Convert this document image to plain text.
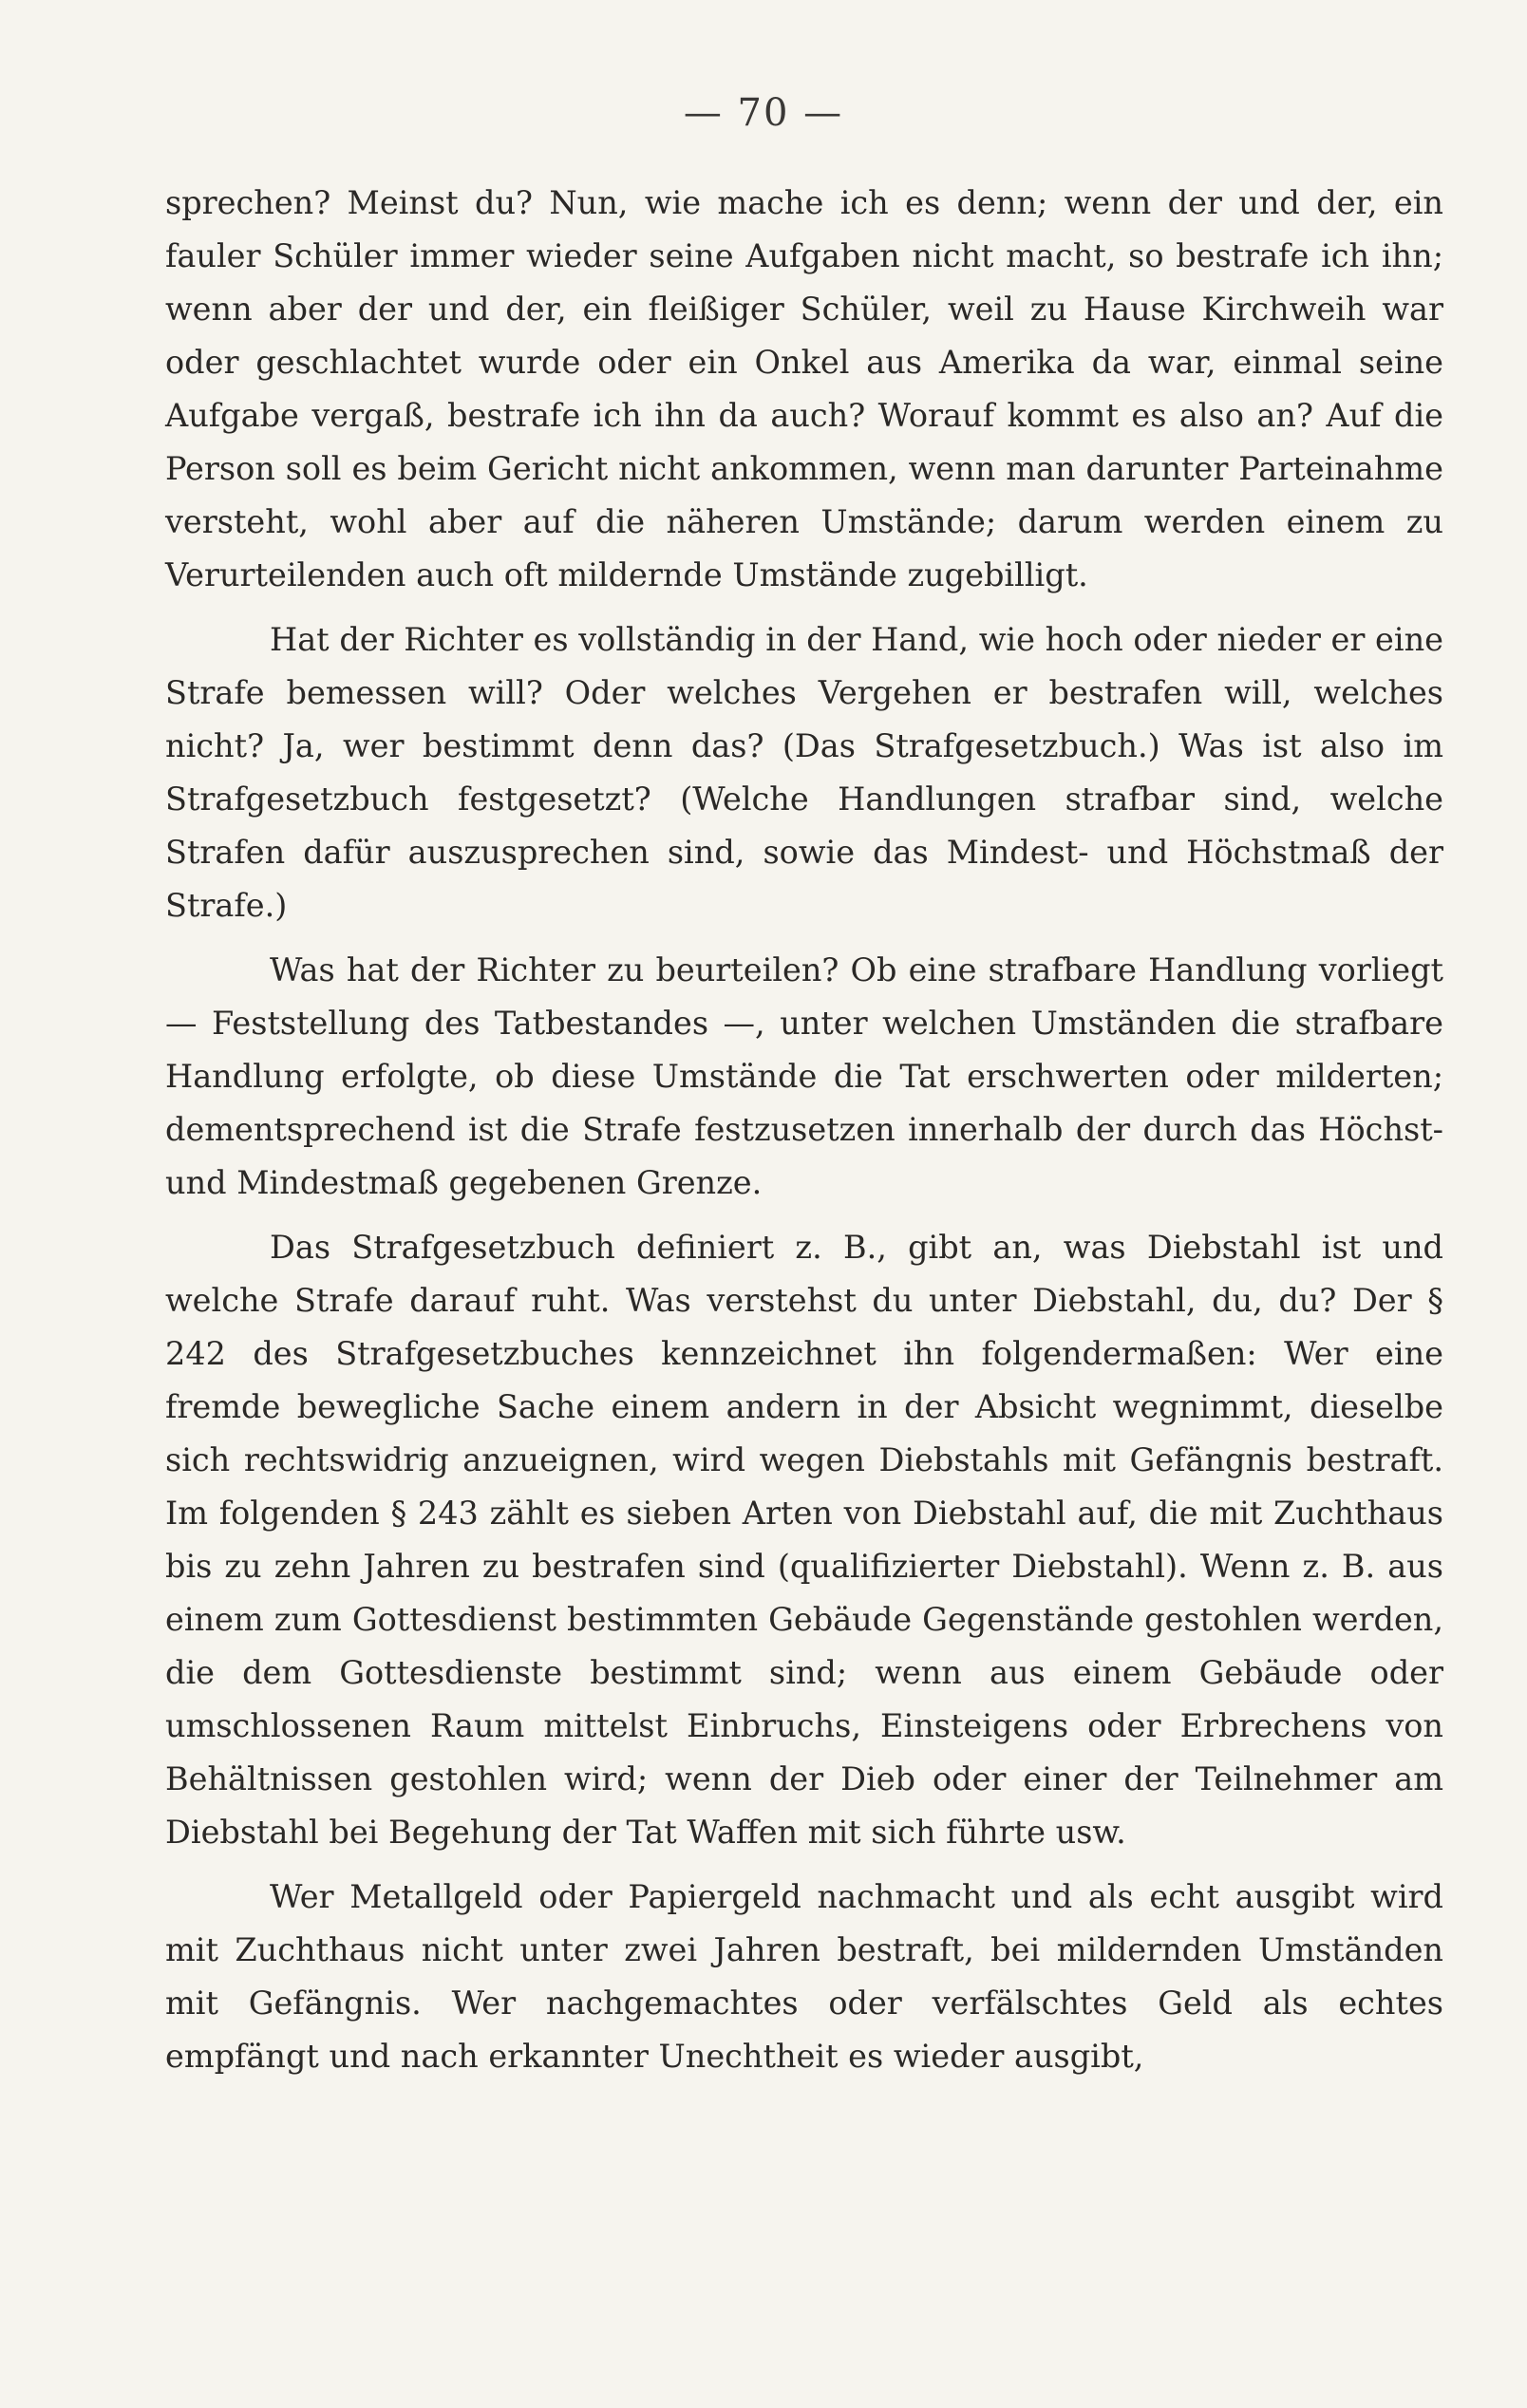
— 70 —

sprechen? Meinst du? Nun, wie mache ich es denn; wenn der und der, ein fauler Schüler immer wieder seine Aufgaben nicht macht, so bestrafe ich ihn; wenn aber der und der, ein fleißiger Schüler, weil zu Hause Kirchweih war oder geschlachtet wurde oder ein Onkel aus Amerika da war, einmal seine Aufgabe vergaß, bestrafe ich ihn da auch? Worauf kommt es also an? Auf die Person soll es beim Gericht nicht ankommen, wenn man darunter Parteinahme versteht, wohl aber auf die näheren Umstände; darum werden einem zu Verurteilenden auch oft mildernde Umstände zugebilligt.

Hat der Richter es vollständig in der Hand, wie hoch oder nieder er eine Strafe bemessen will? Oder welches Vergehen er bestrafen will, welches nicht? Ja, wer bestimmt denn das? (Das Strafgesetzbuch.) Was ist also im Strafgesetzbuch festgesetzt? (Welche Handlungen strafbar sind, welche Strafen dafür auszusprechen sind, sowie das Mindest- und Höchstmaß der Strafe.)

Was hat der Richter zu beurteilen? Ob eine strafbare Handlung vorliegt — Feststellung des Tatbestandes —, unter welchen Umständen die strafbare Handlung erfolgte, ob diese Umstände die Tat erschwerten oder milderten; dementsprechend ist die Strafe festzusetzen innerhalb der durch das Höchst- und Mindestmaß gegebenen Grenze.

Das Strafgesetzbuch definiert z. B., gibt an, was Diebstahl ist und welche Strafe darauf ruht. Was verstehst du unter Diebstahl, du, du? Der § 242 des Strafgesetzbuches kennzeichnet ihn folgendermaßen: Wer eine fremde bewegliche Sache einem andern in der Absicht wegnimmt, dieselbe sich rechtswidrig anzueignen, wird wegen Diebstahls mit Gefängnis bestraft. Im folgenden § 243 zählt es sieben Arten von Diebstahl auf, die mit Zuchthaus bis zu zehn Jahren zu bestrafen sind (qualifizierter Diebstahl). Wenn z. B. aus einem zum Gottesdienst bestimmten Gebäude Gegenstände gestohlen werden, die dem Gottesdienste bestimmt sind; wenn aus einem Gebäude oder umschlossenen Raum mittelst Einbruchs, Einsteigens oder Erbrechens von Behältnissen gestohlen wird; wenn der Dieb oder einer der Teilnehmer am Diebstahl bei Begehung der Tat Waffen mit sich führte usw.

Wer Metallgeld oder Papiergeld nachmacht und als echt ausgibt wird mit Zuchthaus nicht unter zwei Jahren bestraft, bei mildernden Umständen mit Gefängnis. Wer nachgemachtes oder verfälschtes Geld als echtes empfängt und nach erkannter Unechtheit es wieder ausgibt,
